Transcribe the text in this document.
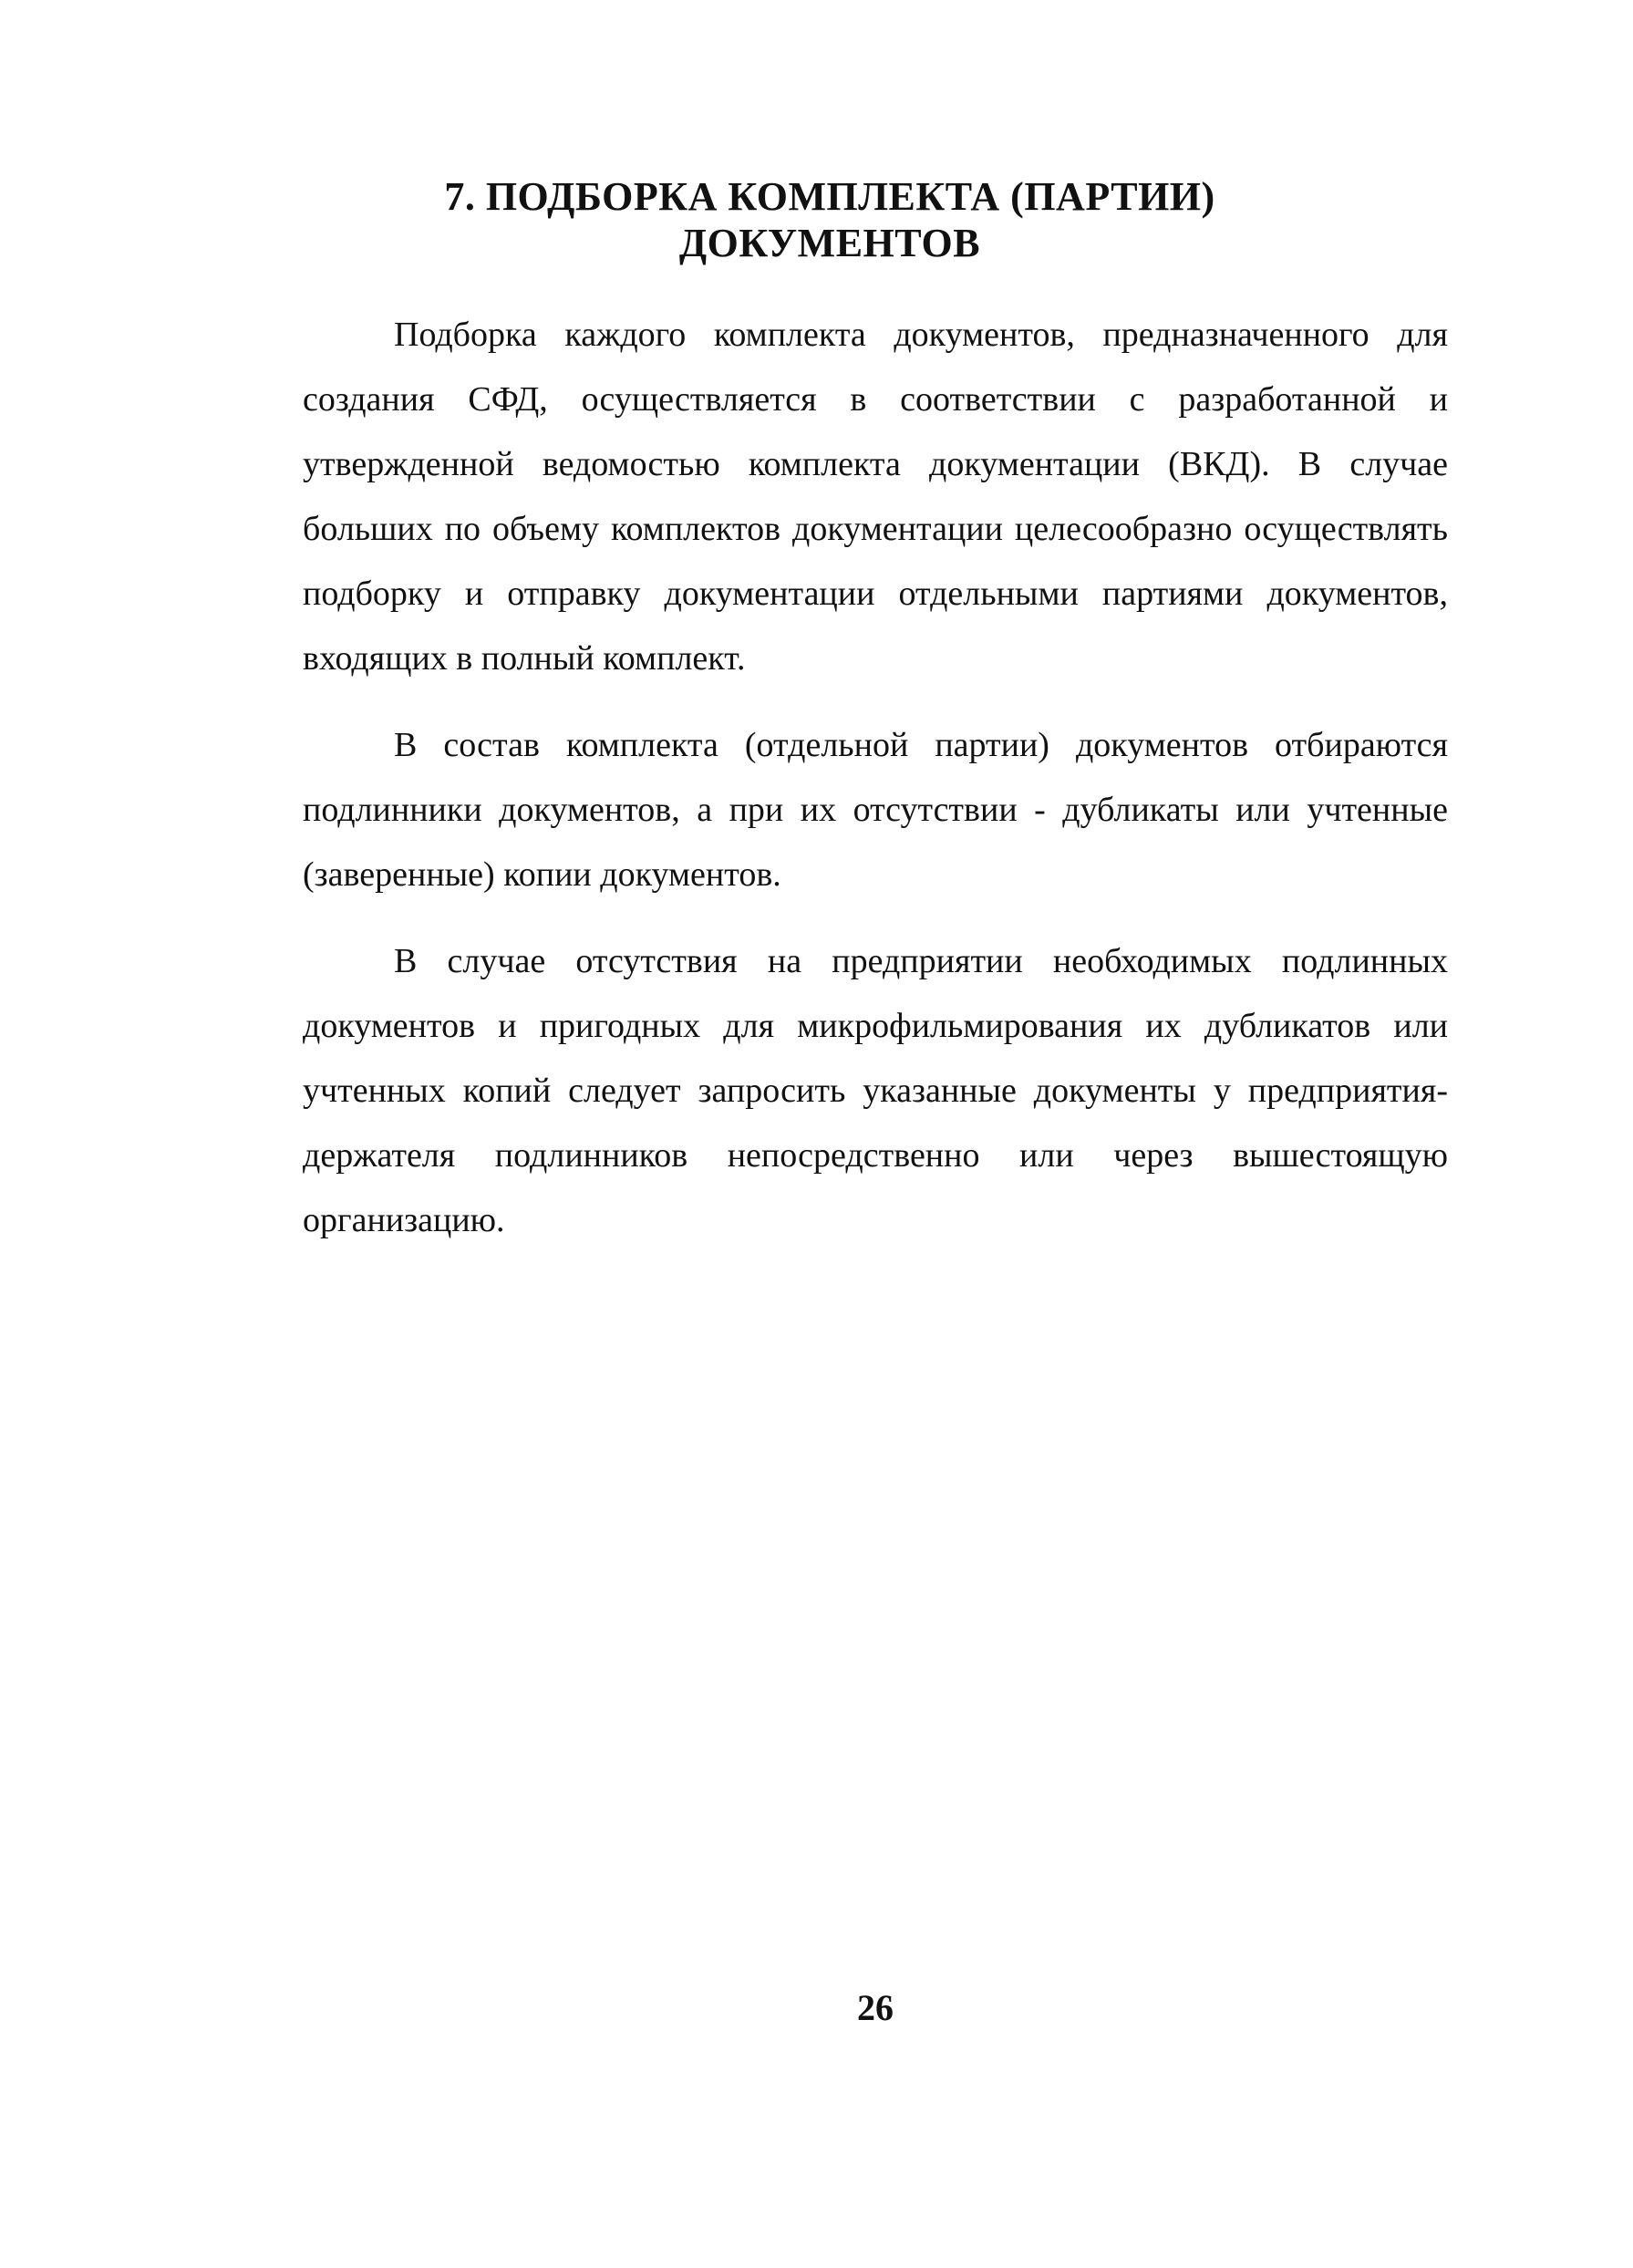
7. ПОДБОРКА КОМПЛЕКТА (ПАРТИИ) ДОКУМЕНТОВ

Подборка каждого комплекта документов, предназначенного для создания СФД, осуществляется в соответствии с разработанной и утвержденной ведомостью комплекта документации (ВКД). В случае больших по объему комплектов документации целесообразно осуществлять подборку и отправку документации отдельными партиями документов, входящих в полный комплект.

В состав комплекта (отдельной партии) документов отбираются подлинники документов, а при их отсутствии - дубликаты или учтенные (заверенные) копии документов.

В случае отсутствия на предприятии необходимых подлинных документов и пригодных для микрофильмирования их дубликатов или учтенных копий следует запросить указанные документы у предприятия-держателя подлинников непосредственно или через вышестоящую организацию.

26
